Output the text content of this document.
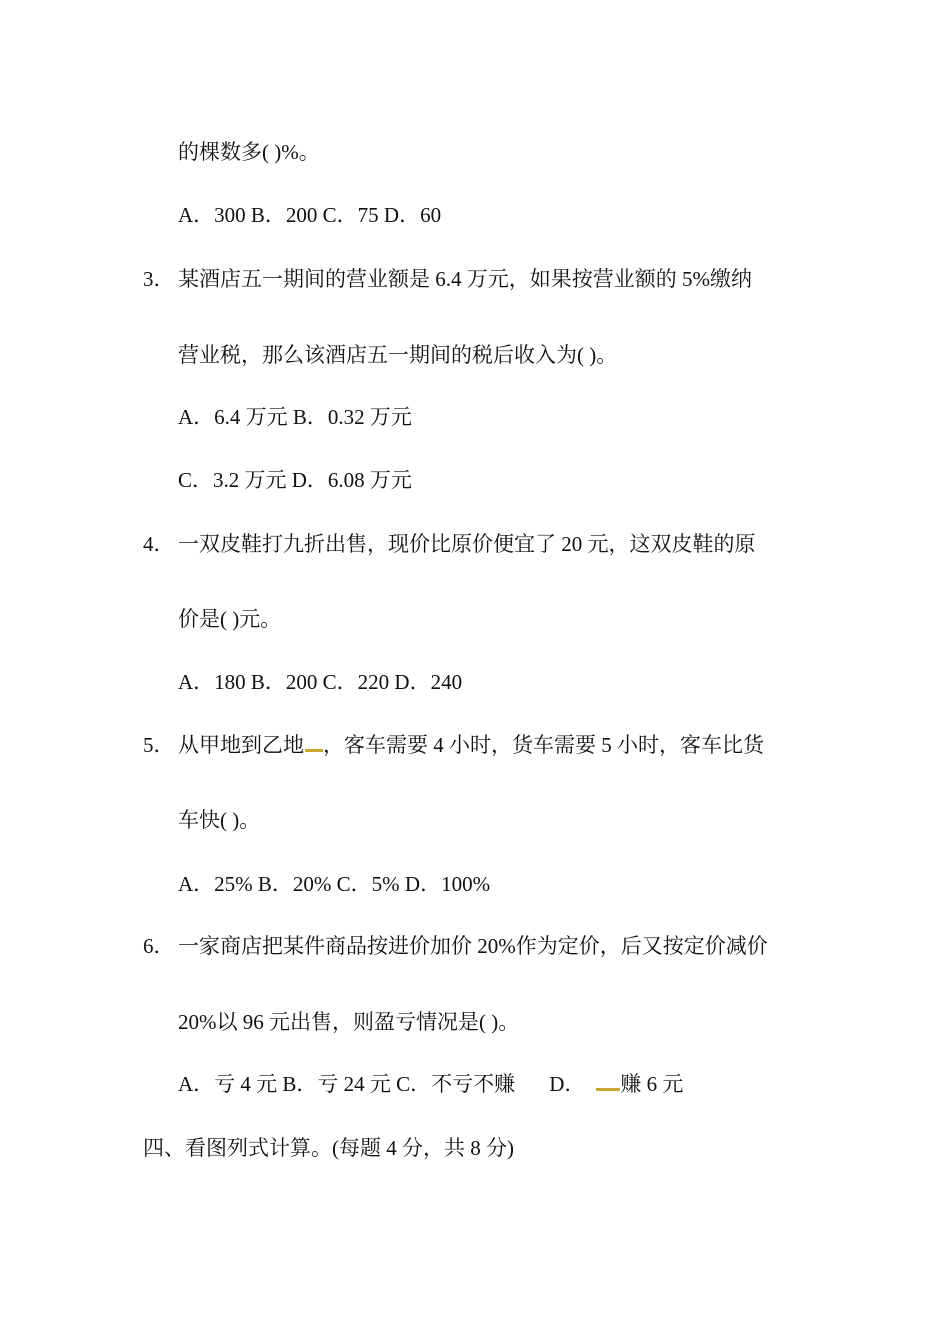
的棵数多( )%。
A．300 B．200 C．75 D．60
3． 某酒店五一期间的营业额是 6.4 万元，如果按营业额的 5%缴纳
营业税，那么该酒店五一期间的税后收入为( )。
A．6.4 万元 B．0.32 万元
C．3.2 万元 D．6.08 万元
4． 一双皮鞋打九折出售，现价比原价便宜了 20 元，这双皮鞋的原
价是( )元。
A．180 B．200 C．220 D．240
5． 从甲地到乙地 ，客车需要 4 小时，货车需要 5 小时，客车比货
车快( )。
A．25% B．20% C．5% D．100%
6． 一家商店把某件商品按进价加价 20%作为定价，后又按定价减价
20%以 96 元出售，则盈亏情况是( )。
A．亏 4 元 B．亏 24 元 C．不亏不赚 D． 赚 6 元
四、看图列式计算。(每题 4 分，共 8 分)
